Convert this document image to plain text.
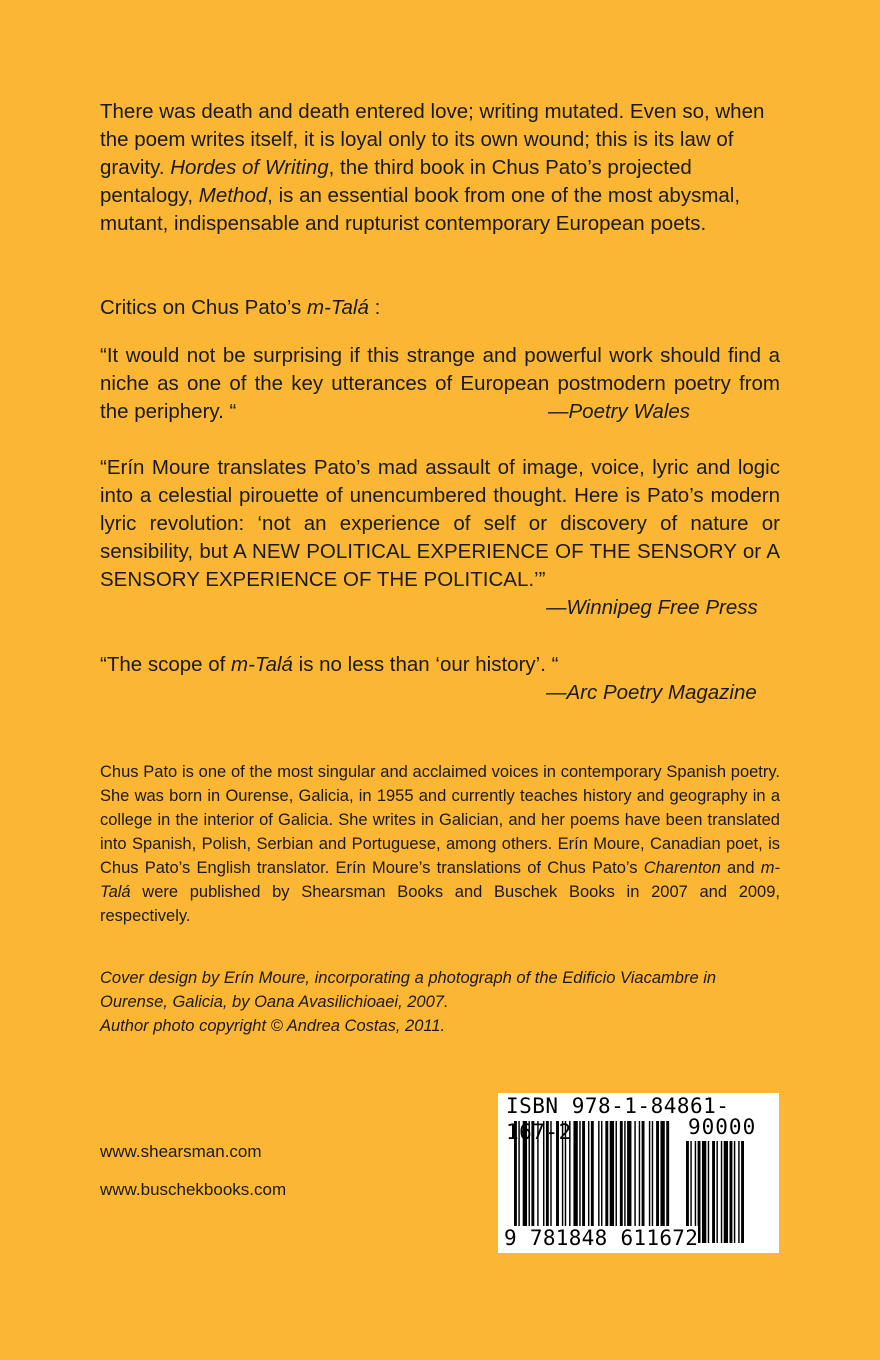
There was death and death entered love; writing mutated. Even so, when the poem writes itself, it is loyal only to its own wound; this is its law of gravity. Hordes of Writing, the third book in Chus Pato’s projected pentalogy, Method, is an essential book from one of the most abysmal, mutant, indispensable and rupturist contemporary European poets.
Critics on Chus Pato’s m-Talá :
“It would not be surprising if this strange and powerful work should find a niche as one of the key utterances of European postmodern poetry from the periphery. “	—Poetry Wales
“Erín Moure translates Pato’s mad assault of image, voice, lyric and logic into a celestial pirouette of unencumbered thought. Here is Pato’s modern lyric revolution: ‘not an experience of self or discovery of nature or sensibility, but A NEW POLITICAL EXPERIENCE OF THE SENSORY or A SENSORY EXPERIENCE OF THE POLITICAL.’”
—Winnipeg Free Press
“The scope of m-Talá is no less than ‘our history’. “
—Arc Poetry Magazine
Chus Pato is one of the most singular and acclaimed voices in contemporary Spanish poetry. She was born in Ourense, Galicia, in 1955 and currently teaches history and geography in a college in the interior of Galicia. She writes in Galician, and her poems have been translated into Spanish, Polish, Serbian and Portuguese, among others. Erín Moure, Canadian poet, is Chus Pato’s English translator. Erín Moure’s translations of Chus Pato’s Charenton and m-Talá were published by Shearsman Books and Buschek Books in 2007 and 2009, respectively.
Cover design by Erín Moure, incorporating a photograph of the Edificio Viacambre in
Ourense, Galicia, by Oana Avasilichioaei, 2007.
Author photo copyright © Andrea Costas, 2011.
www.shearsman.com
www.buschekbooks.com
ISBN 978-1-84861-167-2	90000
9 781848 611672
